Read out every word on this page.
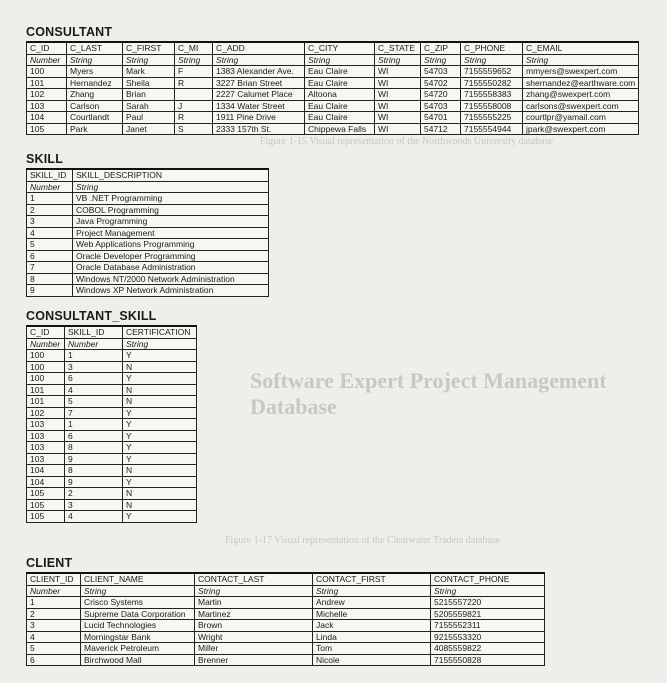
Software Expert Project Management Database
Figure 1-15 Visual representation of the Northwoods University database
Figure 1-17 Visual representation of the Clearwater Traders database
CONSULTANT
C_ID	C_LAST	C_FIRST	C_MI	C_ADD	C_CITY	C_STATE	C_ZIP	C_PHONE	C_EMAIL
Number	String	String	String	String	String	String	String	String	String
100	Myers	Mark	F	1383 Alexander Ave.	Eau Claire	WI	54703	7155559652	mmyers@swexpert.com
101	Hernandez	Sheila	R	3227 Brian Street	Eau Claire	WI	54702	7155550282	shernandez@earthware.com
102	Zhang	Brian		2227 Calumet Place	Altoona	WI	54720	7155558383	zhang@swexpert.com
103	Carlson	Sarah	J	1334 Water Street	Eau Claire	WI	54703	7155558008	carlsons@swexpert.com
104	Courtlandt	Paul	R	1911 Pine Drive	Eau Claire	WI	54701	7155555225	courtlpr@yamail.com
105	Park	Janet	S	2333 157th St.	Chippewa Falls	WI	54712	7155554944	jpark@swexpert.com
SKILL
SKILL_ID	SKILL_DESCRIPTION
Number	String
1	VB .NET Programming
2	COBOL Programming
3	Java Programming
4	Project Management
5	Web Applications Programming
6	Oracle Developer Programming
7	Oracle Database Administration
8	Windows NT/2000 Network Administration
9	Windows XP Network Administration
CONSULTANT_SKILL
C_ID	SKILL_ID	CERTIFICATION
Number	Number	String
100	1	Y
100	3	N
100	6	Y
101	4	N
101	5	N
102	7	Y
103	1	Y
103	6	Y
103	8	Y
103	9	Y
104	8	N
104	9	Y
105	2	N
105	3	N
105	4	Y
CLIENT
CLIENT_ID	CLIENT_NAME	CONTACT_LAST	CONTACT_FIRST	CONTACT_PHONE
Number	String	String	String	String
1	Crisco Systems	Martin	Andrew	5215557220
2	Supreme Data Corporation	Martinez	Michelle	5205559821
3	Lucid Technologies	Brown	Jack	7155552311
4	Morningstar Bank	Wright	Linda	9215553320
5	Maverick Petroleum	Miller	Tom	4085559822
6	Birchwood Mall	Brenner	Nicole	7155550828
